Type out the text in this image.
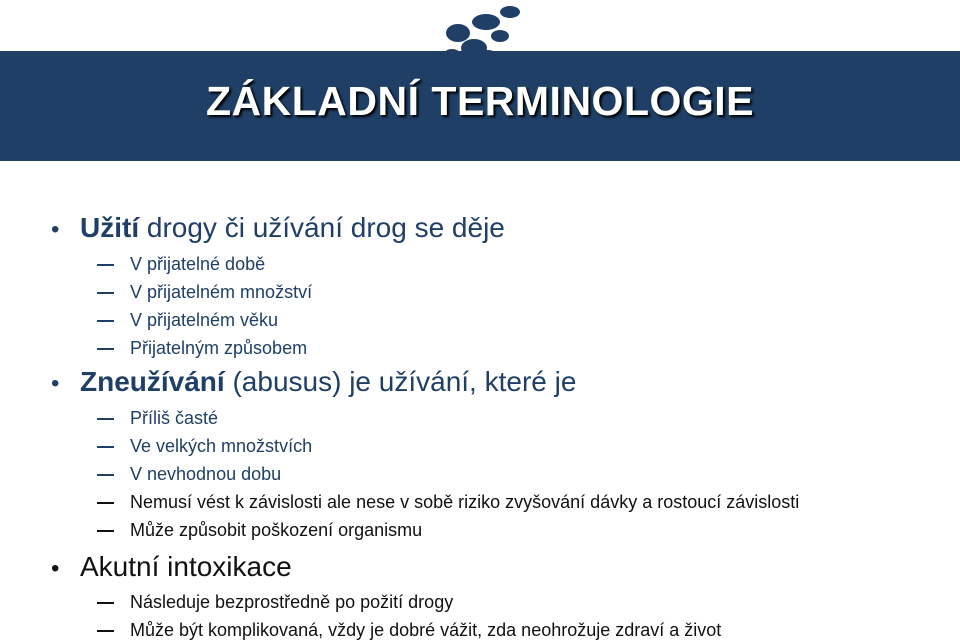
ZÁKLADNÍ TERMINOLOGIE
• Užití drogy či užívání drog se děje
V přijatelné době
V přijatelném množství
V přijatelném věku
Přijatelným způsobem
• Zneužívání (abusus) je užívání, které je
Příliš časté
Ve velkých množstvích
V nevhodnou dobu
Nemusí vést k závislosti ale nese v sobě riziko zvyšování dávky a rostoucí závislosti
Může způsobit poškození organismu
• Akutní intoxikace
Následuje bezprostředně po požití drogy
Může být komplikovaná, vždy je dobré vážit, zda neohrožuje zdraví a život
